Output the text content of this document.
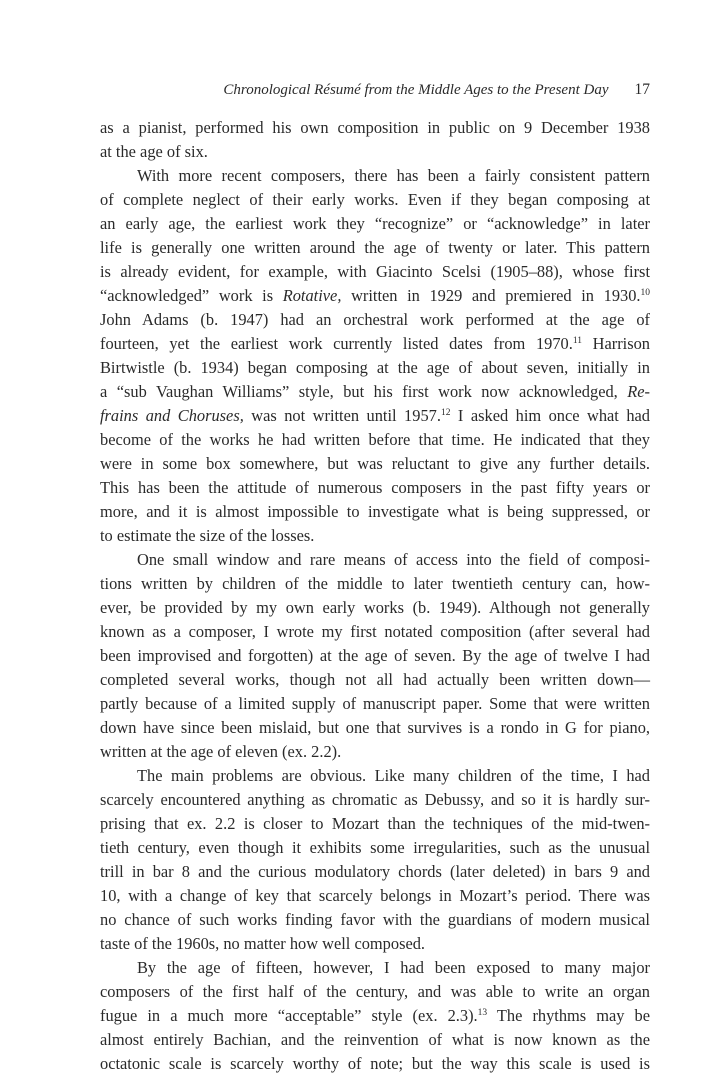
Chronological Résumé from the Middle Ages to the Present Day 17
as a pianist, performed his own composition in public on 9 December 1938
at the age of six.
With more recent composers, there has been a fairly consistent pattern
of complete neglect of their early works. Even if they began composing at
an early age, the earliest work they “recognize” or “acknowledge” in later
life is generally one written around the age of twenty or later. This pattern
is already evident, for example, with Giacinto Scelsi (1905–88), whose first
“acknowledged” work is Rotative, written in 1929 and premiered in 1930.10
John Adams (b. 1947) had an orchestral work performed at the age of
fourteen, yet the earliest work currently listed dates from 1970.11 Harrison
Birtwistle (b. 1934) began composing at the age of about seven, initially in
a “sub Vaughan Williams” style, but his first work now acknowledged, Re-
frains and Choruses, was not written until 1957.12 I asked him once what had
become of the works he had written before that time. He indicated that they
were in some box somewhere, but was reluctant to give any further details.
This has been the attitude of numerous composers in the past fifty years or
more, and it is almost impossible to investigate what is being suppressed, or
to estimate the size of the losses.
One small window and rare means of access into the field of composi-
tions written by children of the middle to later twentieth century can, how-
ever, be provided by my own early works (b. 1949). Although not generally
known as a composer, I wrote my first notated composition (after several had
been improvised and forgotten) at the age of seven. By the age of twelve I had
completed several works, though not all had actually been written down—
partly because of a limited supply of manuscript paper. Some that were written
down have since been mislaid, but one that survives is a rondo in G for piano,
written at the age of eleven (ex. 2.2).
The main problems are obvious. Like many children of the time, I had
scarcely encountered anything as chromatic as Debussy, and so it is hardly sur-
prising that ex. 2.2 is closer to Mozart than the techniques of the mid-twen-
tieth century, even though it exhibits some irregularities, such as the unusual
trill in bar 8 and the curious modulatory chords (later deleted) in bars 9 and
10, with a change of key that scarcely belongs in Mozart’s period. There was
no chance of such works finding favor with the guardians of modern musical
taste of the 1960s, no matter how well composed.
By the age of fifteen, however, I had been exposed to many major
composers of the first half of the century, and was able to write an organ
fugue in a much more “acceptable” style (ex. 2.3).$^{13}$ The rhythms may be
almost entirely Bachian, and the reinvention of what is now known as the
octatonic scale is scarcely worthy of note; but the way this scale is used is
